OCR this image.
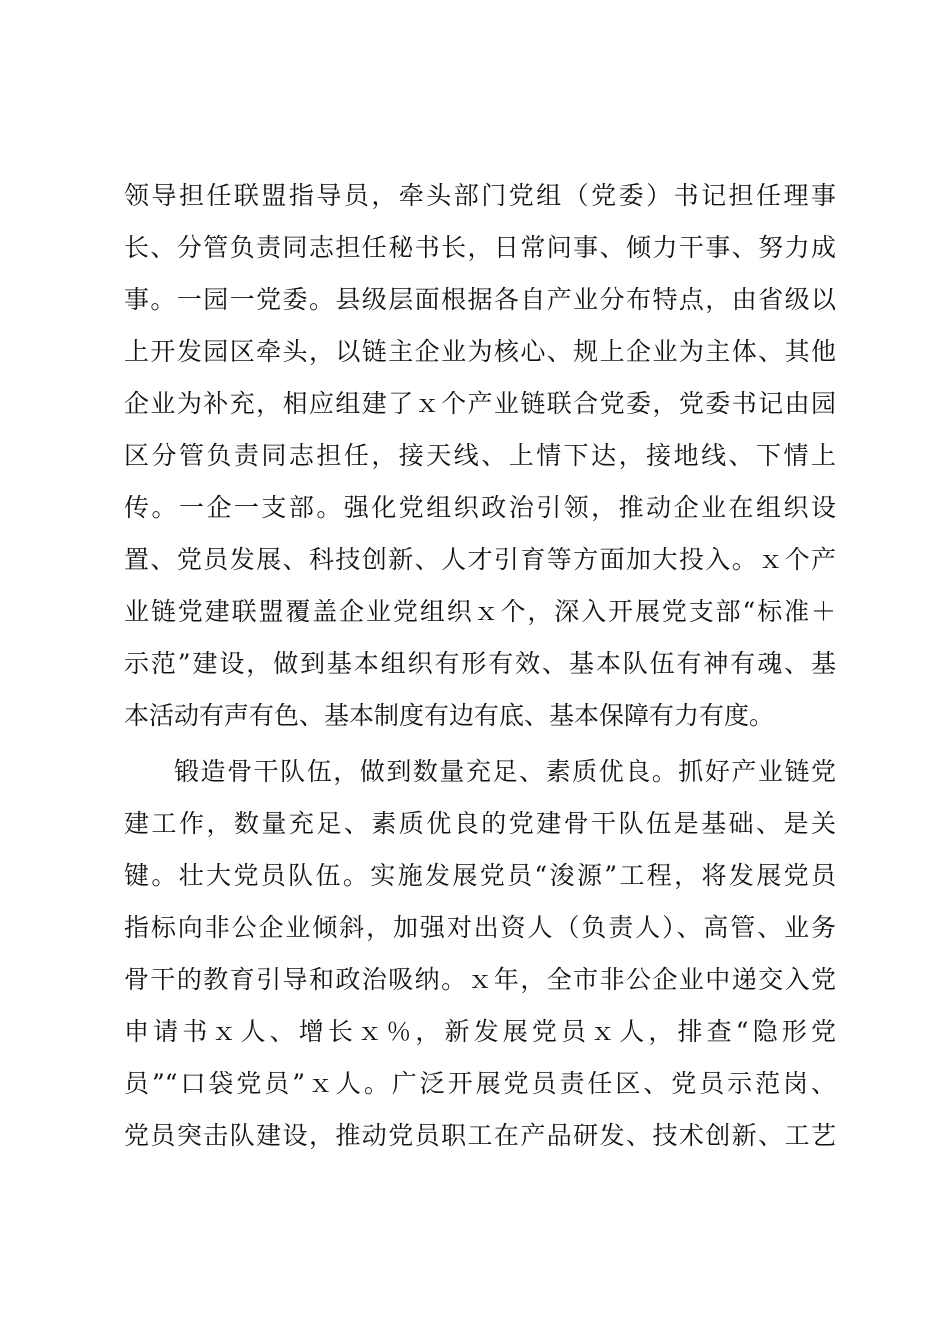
领导担任联盟指导员，牵头部门党组（党委）书记担任理事
长、分管负责同志担任秘书长，日常问事、倾力干事、努力成
事。一园一党委。县级层面根据各自产业分布特点，由省级以
上开发园区牵头，以链主企业为核心、规上企业为主体、其他
企业为补充，相应组建了ｘ个产业链联合党委，党委书记由园
区分管负责同志担任，接天线、上情下达，接地线、下情上
传。一企一支部。强化党组织政治引领，推动企业在组织设
置、党员发展、科技创新、人才引育等方面加大投入。ｘ个产
业链党建联盟覆盖企业党组织ｘ个，深入开展党支部“标准＋
示范”建设，做到基本组织有形有效、基本队伍有神有魂、基
本活动有声有色、基本制度有边有底、基本保障有力有度。
锻造骨干队伍，做到数量充足、素质优良。抓好产业链党
建工作，数量充足、素质优良的党建骨干队伍是基础、是关
键。壮大党员队伍。实施发展党员“浚源”工程，将发展党员
指标向非公企业倾斜，加强对出资人（负责人）、高管、业务
骨干的教育引导和政治吸纳。ｘ年，全市非公企业中递交入党
申请书ｘ人、增长ｘ％，新发展党员ｘ人，排查“隐形党
员”“口袋党员”ｘ人。广泛开展党员责任区、党员示范岗、
党员突击队建设，推动党员职工在产品研发、技术创新、工艺
